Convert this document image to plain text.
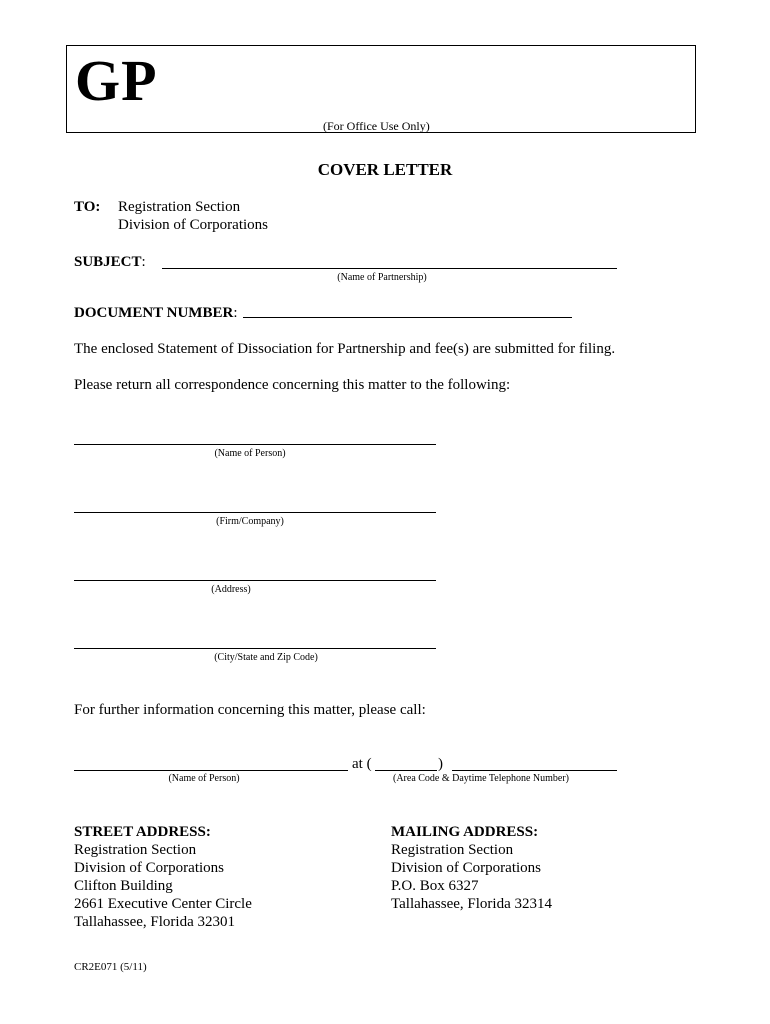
GP
(For Office Use Only)
COVER LETTER
TO: Registration Section
Division of Corporations
SUBJECT:
(Name of Partnership)
DOCUMENT NUMBER:
The enclosed Statement of Dissociation for Partnership and fee(s) are submitted for filing.
Please return all correspondence concerning this matter to the following:
(Name of Person)
(Firm/Company)
(Address)
(City/State and Zip Code)
For further information concerning this matter, please call:
at (	)
(Name of Person)	(Area Code & Daytime Telephone Number)
STREET ADDRESS:
Registration Section
Division of Corporations
Clifton Building
2661 Executive Center Circle
Tallahassee, Florida 32301
MAILING ADDRESS:
Registration Section
Division of Corporations
P.O. Box 6327
Tallahassee, Florida 32314
CR2E071 (5/11)
